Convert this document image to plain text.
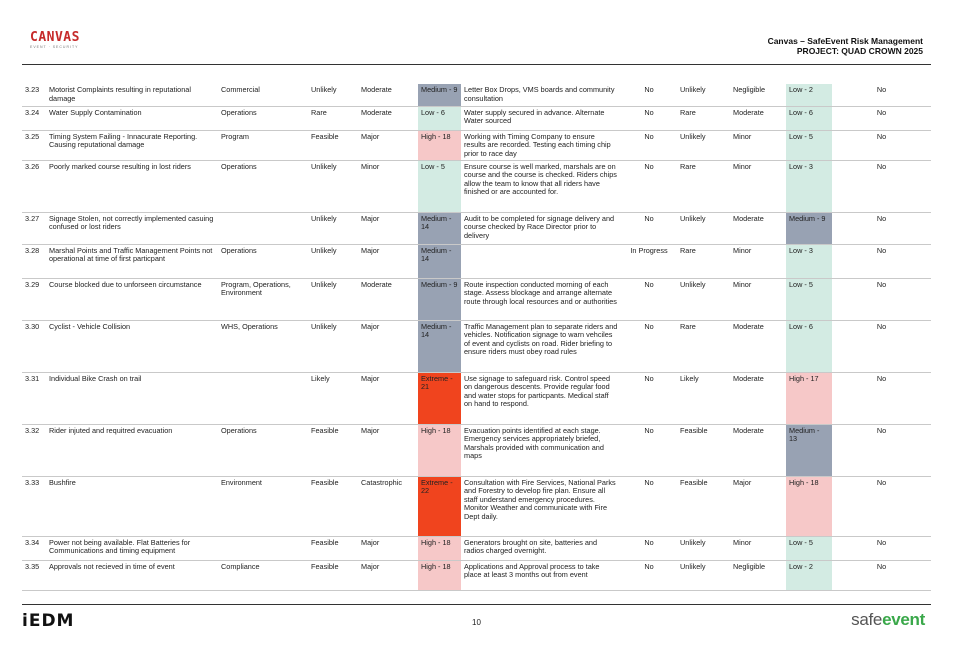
CANVAS
EVENT · SECURITY
Canvas – SafeEvent Risk Management
PROJECT: QUAD CROWN 2025
3.23	Motorist Complaints resulting in reputational damage	Commercial	Unlikely	Moderate	Medium - 9	Letter Box Drops, VMS boards and community consultation	No	Unlikely	Negligible	Low - 2	No
3.24	Water Supply Contamination	Operations	Rare	Moderate	Low - 6	Water supply secured in advance. Alternate Water sourced	No	Rare	Moderate	Low - 6	No
3.25	Timing System Failing - Innacurate Reporting. Causing reputational damage	Program	Feasible	Major	High - 18	Working with Timing Company to ensure results are recorded. Testing each timing chip prior to race day	No	Unlikely	Minor	Low - 5	No
3.26	Poorly marked course resulting in lost riders	Operations	Unlikely	Minor	Low - 5	Ensure course is well marked, marshals are on course and the course is checked. Riders chips allow the team to know that all riders have finished or are accounted for.	No	Rare	Minor	Low - 3	No
3.27	Signage Stolen, not correctly implemented casuing confused or lost riders		Unlikely	Major	Medium - 14	Audit to be completed for signage delivery and course checked by Race Director prior to delivery	No	Unlikely	Moderate	Medium - 9	No
3.28	Marshal Points and Traffic Management Points not operational at time of first particpant	Operations	Unlikely	Major	Medium - 14		In Progress	Rare	Minor	Low - 3	No
3.29	Course blocked due to unforseen circumstance	Program, Operations, Environment	Unlikely	Moderate	Medium - 9	Route inspection conducted morning of each stage. Assess blockage and arrange alternate route through local resources and or authorities	No	Unlikely	Minor	Low - 5	No
3.30	Cyclist - Vehicle Collision	WHS, Operations	Unlikely	Major	Medium - 14	Traffic Management plan to separate riders and vehicles. Notification signage to warn vehciles of event and cyclists on road. Rider briefing to ensure riders must obey road rules	No	Rare	Moderate	Low - 6	No
3.31	Individual Bike Crash on trail		Likely	Major	Extreme - 21	Use signage to safeguard risk. Control speed on dangerous descents. Provide regular food and water stops for particpants. Medical staff on hand to respond.	No	Likely	Moderate	High - 17	No
3.32	Rider injuted and requitred evacuation	Operations	Feasible	Major	High - 18	Evacuation points identified at each stage. Emergency services appropriately briefed, Marshals provided with communication and maps	No	Feasible	Moderate	Medium - 13	No
3.33	Bushfire	Environment	Feasible	Catastrophic	Extreme - 22	Consultation with Fire Services, National Parks and Forestry to develop fire plan. Ensure all staff understand emergency procedures. Monitor Weather and communicate with Fire Dept daily.	No	Feasible	Major	High - 18	No
3.34	Power not being available. Flat Batteries for Communications and timing equipment		Feasible	Major	High - 18	Generators brought on site, batteries and radios charged overnight.	No	Unlikely	Minor	Low - 5	No
3.35	Approvals not recieved in time of event	Compliance	Feasible	Major	High - 18	Applications and Approval process to take place at least 3 months out from event	No	Unlikely	Negligible	Low - 2	No
iEDM	10	safeevent
